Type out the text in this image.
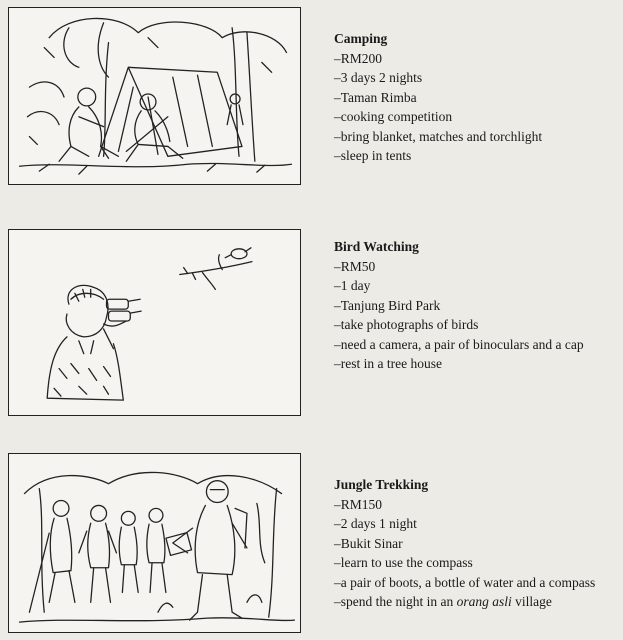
Camping
– RM200
– 3 days 2 nights
– Taman Rimba
– cooking competition
– bring blanket, matches and torchlight
– sleep in tents
Bird Watching
– RM50
– 1 day
– Tanjung Bird Park
– take photographs of birds
– need a camera, a pair of binoculars and a cap
– rest in a tree house
Jungle Trekking
– RM150
– 2 days 1 night
– Bukit Sinar
– learn to use the compass
– a pair of boots, a bottle of water and a compass
– spend the night in an orang asli village
